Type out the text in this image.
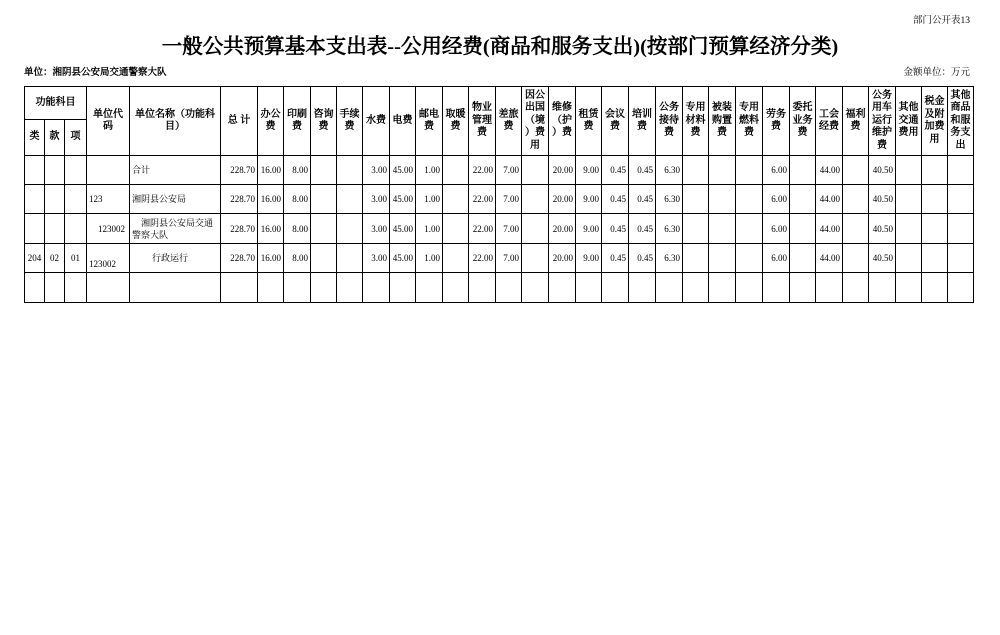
部门公开表13
一般公共预算基本支出表--公用经费(商品和服务支出)(按部门预算经济分类)
单位：湘阴县公安局交通警察大队	金额单位：万元
功能科目			单位代码	单位名称（功能科目）	总 计	办公费	印刷费	咨询费	手续费	水费	电费	邮电费	取暖费	物业管理费	差旅费	因公出国（境）费用	维修（护）费	租赁费	会议费	培训费	公务接待费	专用材料费	被装购置费	专用燃料费	劳务费	委托业务费	工会经费	福利费	公务用车运行维护费	其他交通费用	税金及附加费用	其他商品和服务支出
类	款	项																														
				合计	228.70	16.00	8.00			3.00	45.00	1.00		22.00	7.00		20.00	9.00	0.45	0.45	6.30				6.00		44.00		40.50			
			123	湘阴县公安局	228.70	16.00	8.00			3.00	45.00	1.00		22.00	7.00		20.00	9.00	0.45	0.45	6.30				6.00		44.00		40.50			
			123002	湘阴县公安局交通警察大队	228.70	16.00	8.00			3.00	45.00	1.00		22.00	7.00		20.00	9.00	0.45	0.45	6.30				6.00		44.00		40.50			
204	02	01	123002	行政运行	228.70	16.00	8.00			3.00	45.00	1.00		22.00	7.00		20.00	9.00	0.45	0.45	6.30				6.00		44.00		40.50			
